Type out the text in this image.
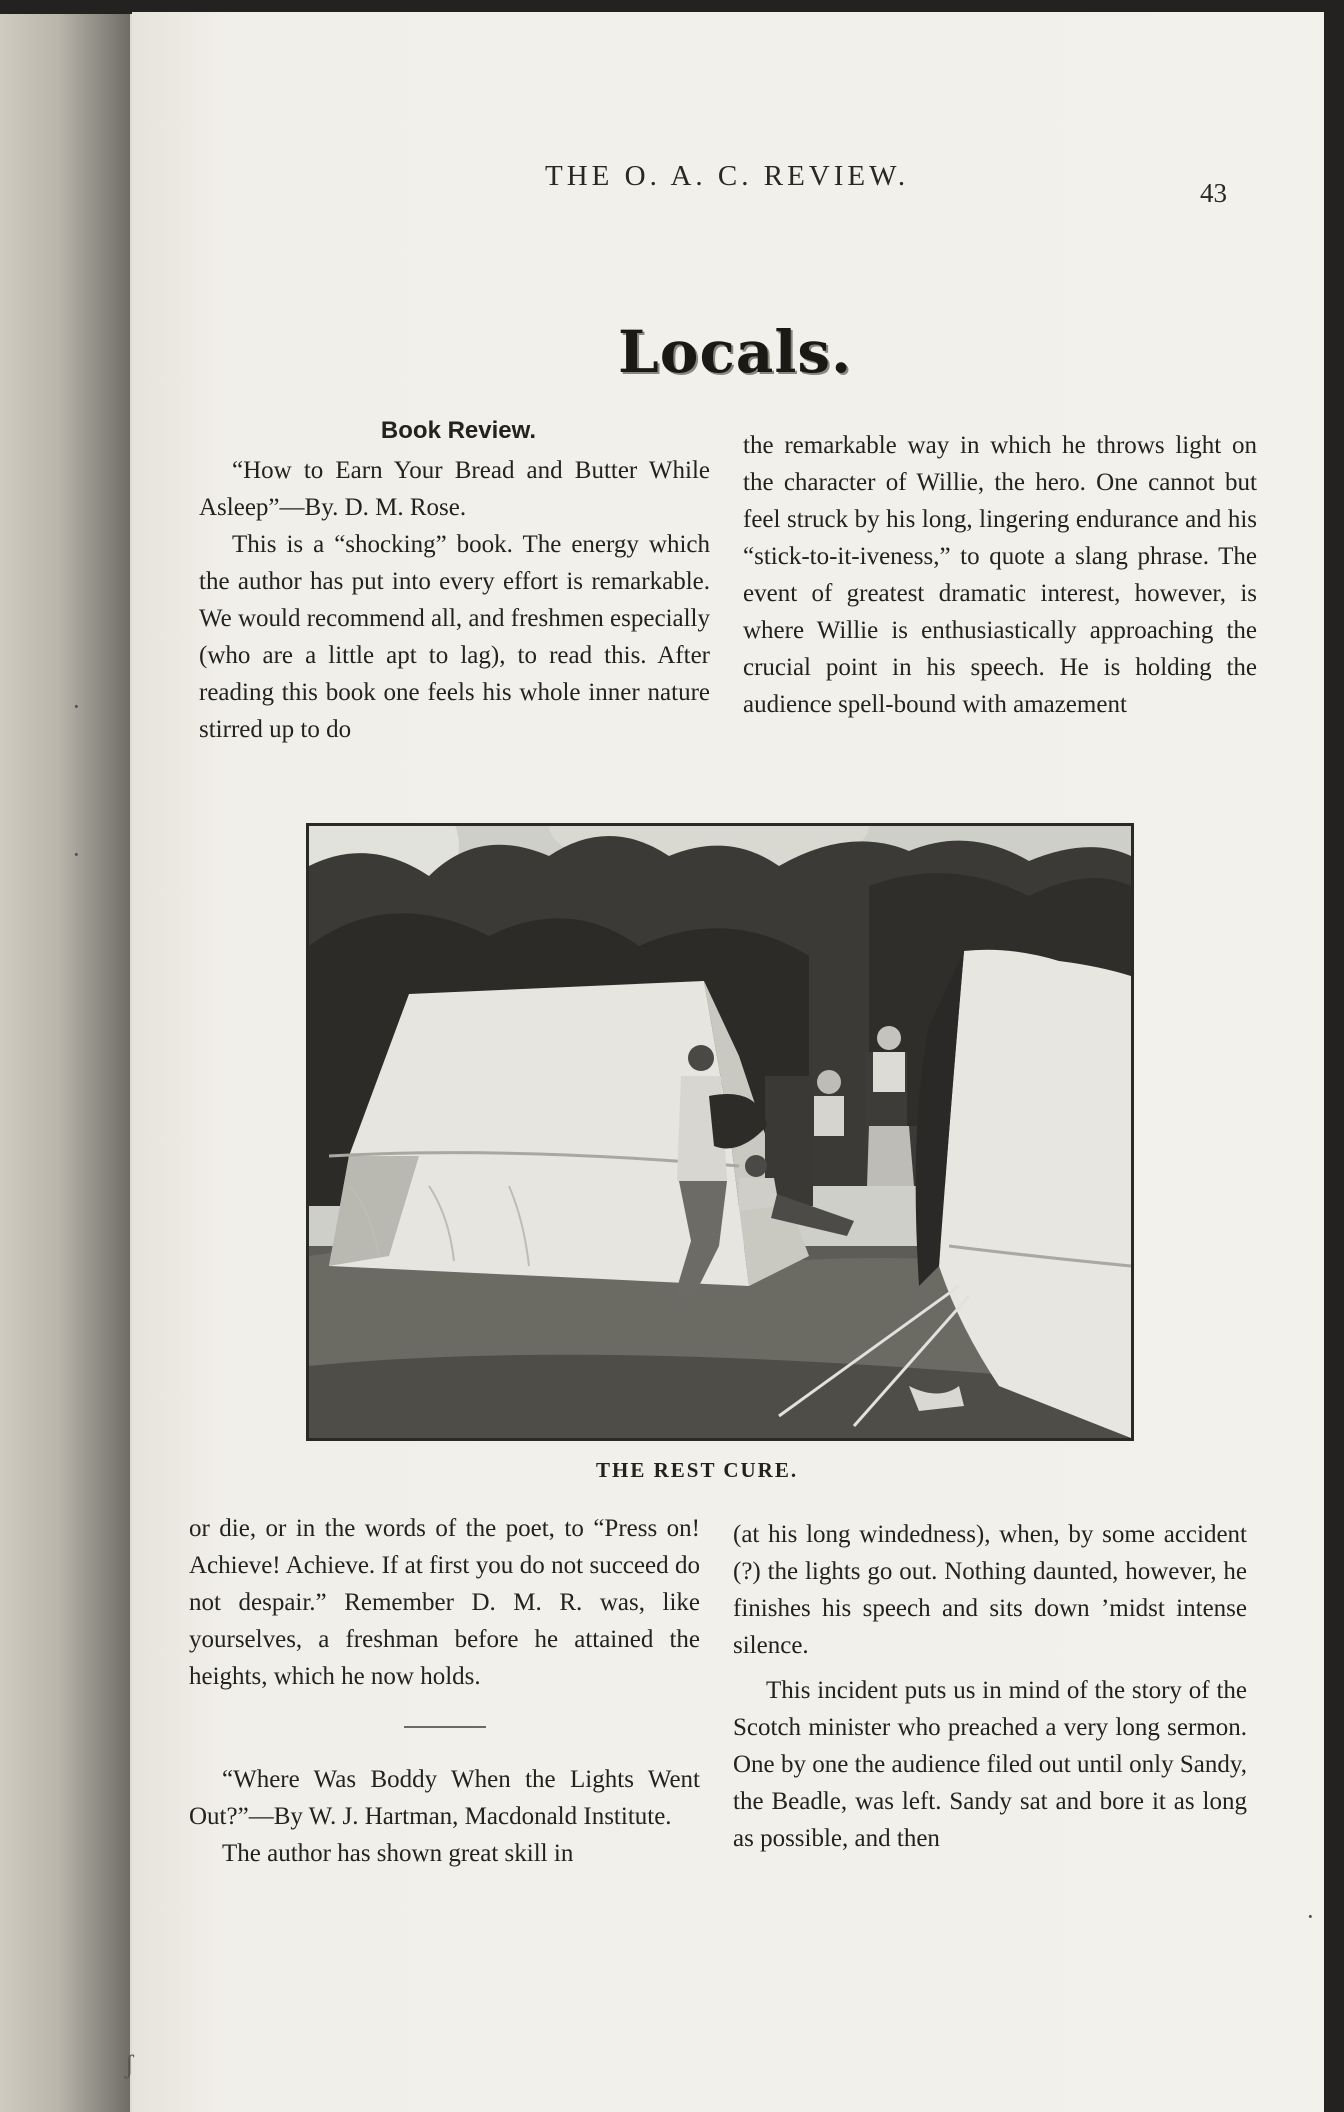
THE O. A. C. REVIEW.
43
Locals.

Book Review.

“How to Earn Your Bread and Butter While Asleep”—By. D. M. Rose.

This is a “shocking” book. The energy which the author has put into every effort is remarkable. We would recommend all, and freshmen especially (who are a little apt to lag), to read this. After reading this book one feels his whole inner nature stirred up to do

the remarkable way in which he throws light on the character of Willie, the hero. One cannot but feel struck by his long, lingering endurance and his “stick-to-it-iveness,” to quote a slang phrase. The event of greatest dramatic interest, however, is where Willie is enthusiastically approaching the crucial point in his speech. He is holding the audience spell-bound with amazement

THE REST CURE.

or die, or in the words of the poet, to “Press on! Achieve! Achieve. If at first you do not succeed do not despair.” Remember D. M. R. was, like yourselves, a freshman before he attained the heights, which he now holds.

“Where Was Boddy When the Lights Went Out?”—By W. J. Hartman, Macdonald Institute.

The author has shown great skill in

(at his long windedness), when, by some accident (?) the lights go out. Nothing daunted, however, he finishes his speech and sits down ’midst intense silence.

This incident puts us in mind of the story of the Scotch minister who preached a very long sermon. One by one the audience filed out until only Sandy, the Beadle, was left. Sandy sat and bore it as long as possible, and then

·
·
·
ʃ
